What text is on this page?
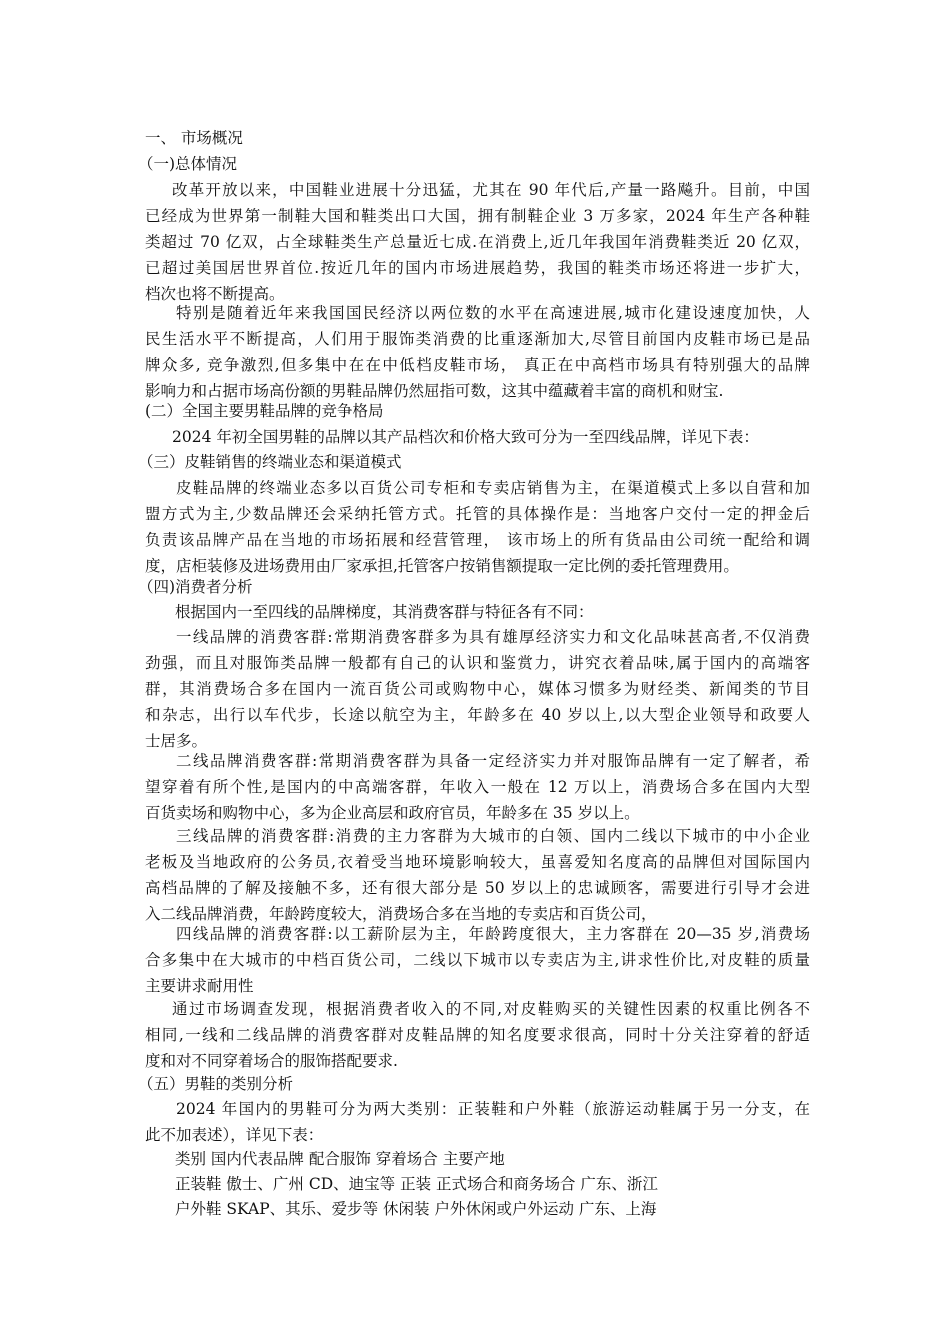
一、 市场概况
（一)总体情况
改革开放以来，中国鞋业进展十分迅猛，尤其在 90 年代后,产量一路飚升。目前，中国
已经成为世界第一制鞋大国和鞋类出口大国，拥有制鞋企业 3 万多家，2024 年生产各种鞋
类超过 70 亿双，占全球鞋类生产总量近七成.在消费上,近几年我国年消费鞋类近 20 亿双，
已超过美国居世界首位.按近几年的国内市场进展趋势，我国的鞋类市场还将进一步扩大，
档次也将不断提高。
特别是随着近年来我国国民经济以两位数的水平在高速进展,城市化建设速度加快，人
民生活水平不断提高，人们用于服饰类消费的比重逐渐加大,尽管目前国内皮鞋市场已是品
牌众多, 竞争激烈,但多集中在在中低档皮鞋市场， 真正在中高档市场具有特别强大的品牌
影响力和占据市场高份额的男鞋品牌仍然屈指可数，这其中蕴藏着丰富的商机和财宝.
(二）全国主要男鞋品牌的竞争格局
2024 年初全国男鞋的品牌以其产品档次和价格大致可分为一至四线品牌，详见下表：
（三）皮鞋销售的终端业态和渠道模式
皮鞋品牌的终端业态多以百货公司专柜和专卖店销售为主，在渠道模式上多以自营和加
盟方式为主,少数品牌还会采纳托管方式。托管的具体操作是：当地客户交付一定的押金后
负责该品牌产品在当地的市场拓展和经营管理， 该市场上的所有货品由公司统一配给和调
度，店柜装修及进场费用由厂家承担,托管客户按销售额提取一定比例的委托管理费用。
（四)消费者分析
根据国内一至四线的品牌梯度，其消费客群与特征各有不同：
一线品牌的消费客群:常期消费客群多为具有雄厚经济实力和文化品味甚高者,不仅消费
劲强，而且对服饰类品牌一般都有自己的认识和鉴赏力，讲究衣着品味,属于国内的高端客
群，其消费场合多在国内一流百货公司或购物中心，媒体习惯多为财经类、新闻类的节目
和杂志，出行以车代步，长途以航空为主，年龄多在 40 岁以上,以大型企业领导和政要人
士居多。
二线品牌消费客群:常期消费客群为具备一定经济实力并对服饰品牌有一定了解者，希
望穿着有所个性,是国内的中高端客群，年收入一般在 12 万以上，消费场合多在国内大型
百货卖场和购物中心，多为企业高层和政府官员，年龄多在 35 岁以上。
三线品牌的消费客群:消费的主力客群为大城市的白领、国内二线以下城市的中小企业
老板及当地政府的公务员,衣着受当地环境影响较大，虽喜爱知名度高的品牌但对国际国内
高档品牌的了解及接触不多，还有很大部分是 50 岁以上的忠诚顾客，需要进行引导才会进
入二线品牌消费，年龄跨度较大，消费场合多在当地的专卖店和百货公司，
四线品牌的消费客群:以工薪阶层为主，年龄跨度很大，主力客群在 20—35 岁,消费场
合多集中在大城市的中档百货公司，二线以下城市以专卖店为主,讲求性价比,对皮鞋的质量
主要讲求耐用性
通过市场调查发现，根据消费者收入的不同,对皮鞋购买的关键性因素的权重比例各不
相同,一线和二线品牌的消费客群对皮鞋品牌的知名度要求很高，同时十分关注穿着的舒适
度和对不同穿着场合的服饰搭配要求.
（五）男鞋的类别分析
2024 年国内的男鞋可分为两大类别：正装鞋和户外鞋（旅游运动鞋属于另一分支，在
此不加表述），详见下表：
类别 国内代表品牌 配合服饰 穿着场合 主要产地
正装鞋 傲士、广州 CD、迪宝等 正装 正式场合和商务场合 广东、浙江
户外鞋 SKAP、其乐、爱步等 休闲装 户外休闲或户外运动 广东、上海
